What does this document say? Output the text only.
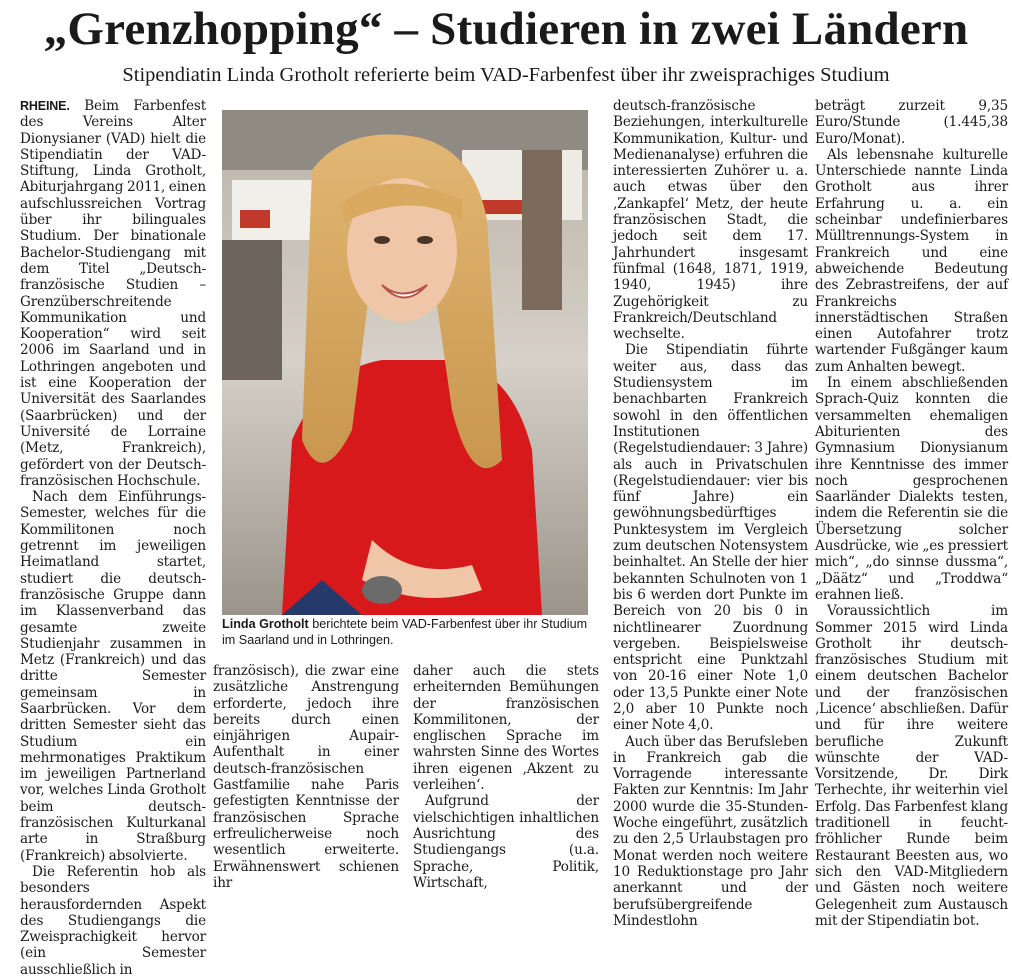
„Grenzhopping“ – Studieren in zwei Ländern
Stipendiatin Linda Grotholt referierte beim VAD-Farbenfest über ihr zweisprachiges Studium

RHEINE. Beim Farbenfest des Vereins Alter Dionysianer (VAD) hielt die Stipendiatin der VAD-Stiftung, Linda Grotholt, Abiturjahrgang 2011, einen aufschlussreichen Vortrag über ihr bilinguales Studium. Der binationale Bachelor-Studiengang mit dem Titel „Deutsch-französische Studien – Grenzüberschreitende Kommunikation und Kooperation“ wird seit 2006 im Saarland und in Lothringen angeboten und ist eine Kooperation der Universität des Saarlandes (Saarbrücken) und der Université de Lorraine (Metz, Frankreich), gefördert von der Deutsch-französischen Hochschule.

Nach dem Einführungs-Semester, welches für die Kommilitonen noch getrennt im jeweiligen Heimatland startet, studiert die deutsch-französische Gruppe dann im Klassenverband das gesamte zweite Studienjahr zusammen in Metz (Frankreich) und das dritte Semester gemeinsam in Saarbrücken. Vor dem dritten Semester sieht das Studium ein mehrmonatiges Praktikum im jeweiligen Partnerland vor, welches Linda Grotholt beim deutsch-französischen Kulturkanal arte in Straßburg (Frankreich) absolvierte.

Die Referentin hob als besonders herausfordernden Aspekt des Studiengangs die Zweisprachigkeit hervor (ein Semester ausschließlich in

Linda Grotholt berichtete beim VAD-Farbenfest über ihr Studium im Saarland und in Lothringen.

französisch), die zwar eine zusätzliche Anstrengung erforderte, jedoch ihre bereits durch einen einjährigen Aupair-Aufenthalt in einer deutsch-französischen Gastfamilie nahe Paris gefestigten Kenntnisse der französischen Sprache erfreulicherweise noch wesentlich erweiterte. Erwähnenswert schienen ihr

daher auch die stets erheiternden Bemühungen der französischen Kommilitonen, der englischen Sprache im wahrsten Sinne des Wortes ihren eigenen ‚Akzent zu verleihen‘.

Aufgrund der vielschichtigen inhaltlichen Ausrichtung des Studiengangs (u.a. Sprache, Politik, Wirtschaft,

deutsch-französische Beziehungen, interkulturelle Kommunikation, Kultur- und Medienanalyse) erfuhren die interessierten Zuhörer u. a. auch etwas über den ‚Zankapfel‘ Metz, der heute französischen Stadt, die jedoch seit dem 17. Jahrhundert insgesamt fünfmal (1648, 1871, 1919, 1940, 1945) ihre Zugehörigkeit zu Frankreich/Deutschland wechselte.

Die Stipendiatin führte weiter aus, dass das Studiensystem im benachbarten Frankreich sowohl in den öffentlichen Institutionen (Regelstudiendauer: 3 Jahre) als auch in Privatschulen (Regelstudiendauer: vier bis fünf Jahre) ein gewöhnungsbedürftiges Punktesystem im Vergleich zum deutschen Notensystem beinhaltet. An Stelle der hier bekannten Schulnoten von 1 bis 6 werden dort Punkte im Bereich von 20 bis 0 in nichtlinearer Zuordnung vergeben. Beispielsweise entspricht eine Punktzahl von 20-16 einer Note 1,0 oder 13,5 Punkte einer Note 2,0 aber 10 Punkte noch einer Note 4,0.

Auch über das Berufsleben in Frankreich gab die Vorragende interessante Fakten zur Kenntnis: Im Jahr 2000 wurde die 35-Stunden-Woche eingeführt, zusätzlich zu den 2,5 Urlaubstagen pro Monat werden noch weitere 10 Reduktionstage pro Jahr anerkannt und der berufsübergreifende Mindestlohn

beträgt zurzeit 9,35 Euro/Stunde (1.445,38 Euro/Monat).

Als lebensnahe kulturelle Unterschiede nannte Linda Grotholt aus ihrer Erfahrung u. a. ein scheinbar undefinierbares Mülltrennungs-System in Frankreich und eine abweichende Bedeutung des Zebrastreifens, der auf Frankreichs innerstädtischen Straßen einen Autofahrer trotz wartender Fußgänger kaum zum Anhalten bewegt.

In einem abschließenden Sprach-Quiz konnten die versammelten ehemaligen Abiturienten des Gymnasium Dionysianum ihre Kenntnisse des immer noch gesprochenen Saarländer Dialekts testen, indem die Referentin sie die Übersetzung solcher Ausdrücke, wie „es pressiert mich“, „do sinnse dussma“, „Däätz“ und „Troddwa“ erahnen ließ.

Voraussichtlich im Sommer 2015 wird Linda Grotholt ihr deutsch-französisches Studium mit einem deutschen Bachelor und der französischen ‚Licence‘ abschließen. Dafür und für ihre weitere berufliche Zukunft wünschte der VAD-Vorsitzende, Dr. Dirk Terhechte, ihr weiterhin viel Erfolg. Das Farbenfest klang traditionell in feucht-fröhlicher Runde beim Restaurant Beesten aus, wo sich den VAD-Mitgliedern und Gästen noch weitere Gelegenheit zum Austausch mit der Stipendiatin bot.
